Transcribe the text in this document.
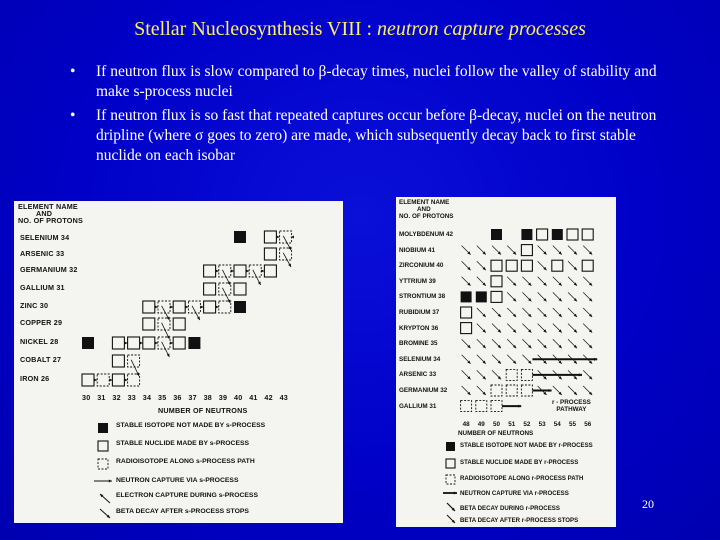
Stellar Nucleosynthesis VIII : neutron capture processes
• If neutron flux is slow compared to β-decay times, nuclei follow the valley of stability and make s-process nuclei
• If neutron flux is so fast that repeated captures occur before β-decay, nuclei on the neutron dripline (where σ goes to zero) are made, which subsequently decay back to first stable nuclide on each isobar
ELEMENT NAME
AND
NO. OF PROTONS
SELENIUM 34
ARSENIC 33
GERMANIUM 32
GALLIUM 31
ZINC 30
COPPER 29
NICKEL 28
COBALT 27
IRON 26
30 31 32 33 34 35 36 37 38 39 40 41 42 43
NUMBER OF NEUTRONS
STABLE ISOTOPE NOT MADE BY s-PROCESS
STABLE NUCLIDE MADE BY s-PROCESS
RADIOISOTOPE ALONG s-PROCESS PATH
NEUTRON CAPTURE VIA s-PROCESS
ELECTRON CAPTURE DURING s-PROCESS
BETA DECAY AFTER s-PROCESS STOPS
ELEMENT NAME
AND
NO. OF PROTONS
MOLYBDENUM 42
NIOBIUM 41
ZIRCONIUM 40
YTTRIUM 39
STRONTIUM 38
RUBIDIUM 37
KRYPTON 36
BROMINE 35
SELENIUM 34
ARSENIC 33
GERMANIUM 32
GALLIUM 31
48 49 50 51 52 53 54 55 56
NUMBER OF NEUTRONS
r - PROCESS
PATHWAY
STABLE ISOTOPE NOT MADE BY r-PROCESS
STABLE NUCLIDE MADE BY r-PROCESS
RADIOISOTOPE ALONG r-PROCESS PATH
NEUTRON CAPTURE VIA r-PROCESS
BETA DECAY DURING r-PROCESS
BETA DECAY AFTER r-PROCESS STOPS
20
